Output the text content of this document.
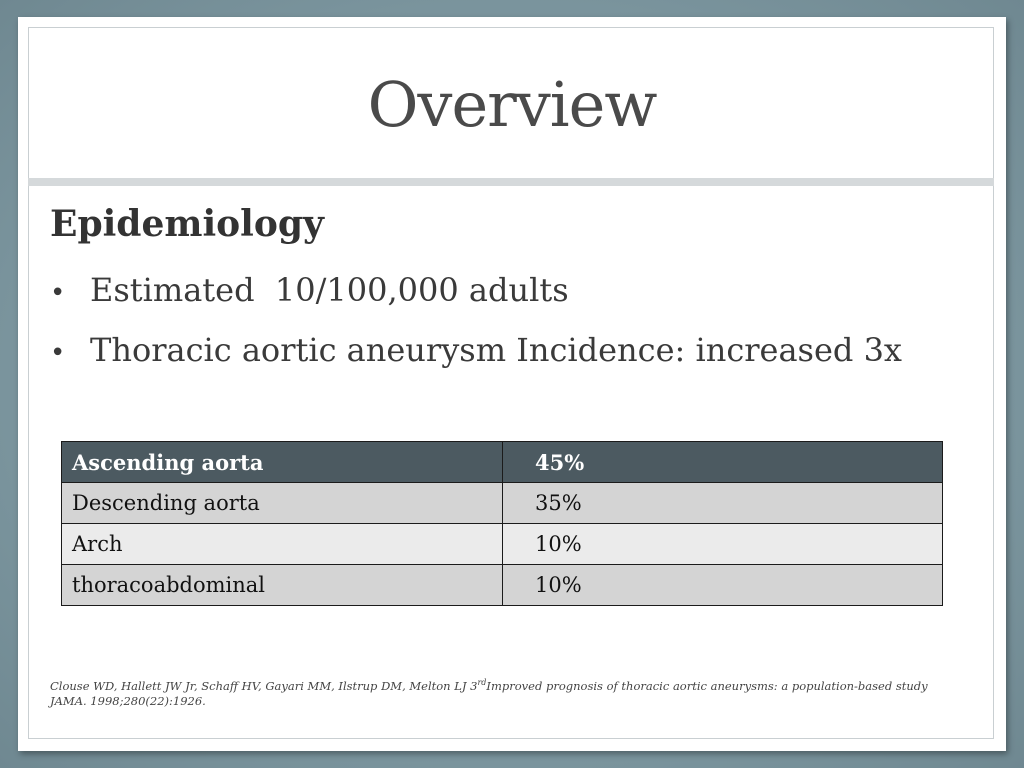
Overview
Epidemiology
• Estimated  10/100,000 adults
• Thoracic aortic aneurysm Incidence: increased 3x
Ascending aorta	45%
Descending aorta	35%
Arch	10%
thoracoabdominal	10%
Clouse WD, Hallett JW Jr, Schaff HV, Gayari MM, Ilstrup DM, Melton LJ 3rdImproved prognosis of thoracic aortic aneurysms: a population-based study JAMA. 1998;280(22):1926.
